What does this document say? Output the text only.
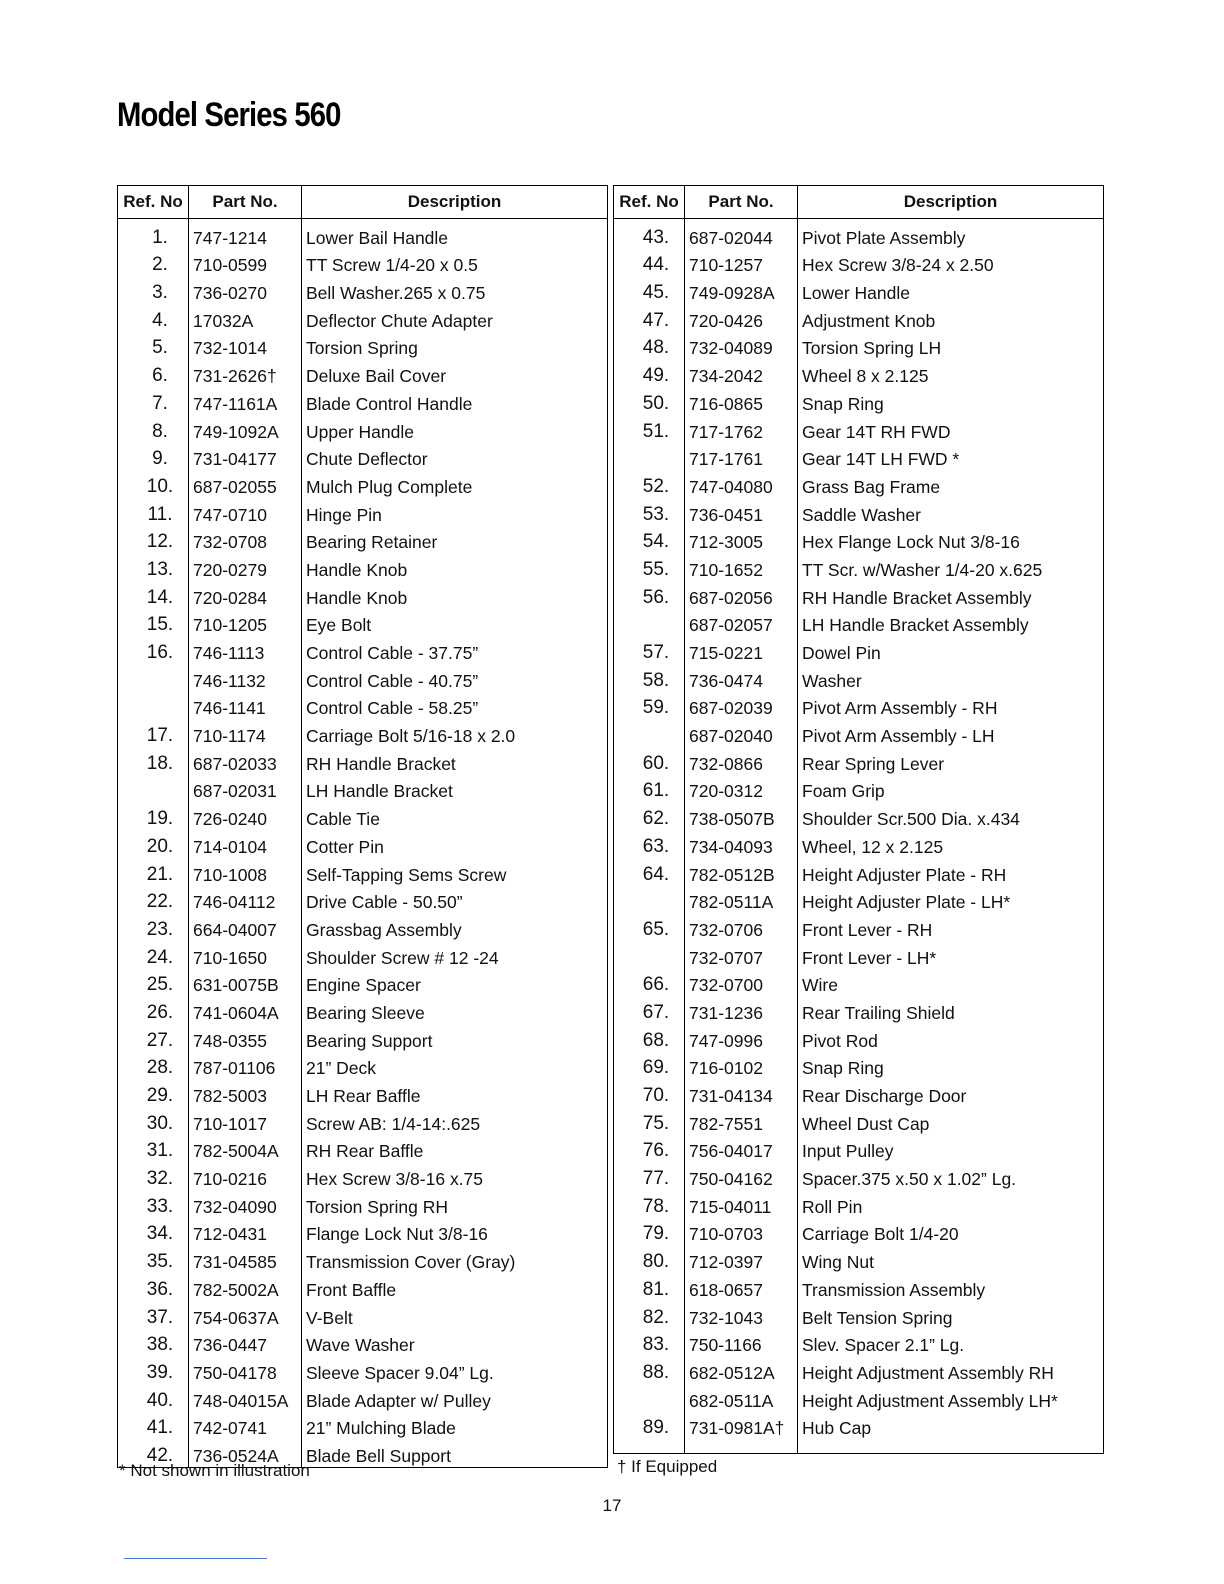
Model Series 560
Ref. No	Part No.	Description
1.	747-1214	Lower Bail Handle
2.	710-0599	TT Screw 1/4-20 x 0.5
3.	736-0270	Bell Washer.265 x 0.75
4.	17032A	Deflector Chute Adapter
5.	732-1014	Torsion Spring
6.	731-2626†	Deluxe Bail Cover
7.	747-1161A	Blade Control Handle
8.	749-1092A	Upper Handle
9.	731-04177	Chute Deflector
10.	687-02055	Mulch Plug Complete
11.	747-0710	Hinge Pin
12.	732-0708	Bearing Retainer
13.	720-0279	Handle Knob
14.	720-0284	Handle Knob
15.	710-1205	Eye Bolt
16.	746-1113	Control Cable - 37.75”
	746-1132	Control Cable - 40.75”
	746-1141	Control Cable - 58.25”
17.	710-1174	Carriage Bolt 5/16-18 x 2.0
18.	687-02033	RH Handle Bracket
	687-02031	LH Handle Bracket
19.	726-0240	Cable Tie
20.	714-0104	Cotter Pin
21.	710-1008	Self-Tapping Sems Screw
22.	746-04112	Drive Cable - 50.50”
23.	664-04007	Grassbag Assembly
24.	710-1650	Shoulder Screw # 12 -24
25.	631-0075B	Engine Spacer
26.	741-0604A	Bearing Sleeve
27.	748-0355	Bearing Support
28.	787-01106	21” Deck
29.	782-5003	LH Rear Baffle
30.	710-1017	Screw AB: 1/4-14:.625
31.	782-5004A	RH Rear Baffle
32.	710-0216	Hex Screw 3/8-16 x.75
33.	732-04090	Torsion Spring RH
34.	712-0431	Flange Lock Nut 3/8-16
35.	731-04585	Transmission Cover (Gray)
36.	782-5002A	Front Baffle
37.	754-0637A	V-Belt
38.	736-0447	Wave Washer
39.	750-04178	Sleeve Spacer 9.04” Lg.
40.	748-04015A	Blade Adapter w/ Pulley
41.	742-0741	21” Mulching Blade
42.	736-0524A	Blade Bell Support

Ref. No	Part No.	Description
43.	687-02044	Pivot Plate Assembly
44.	710-1257	Hex Screw 3/8-24 x 2.50
45.	749-0928A	Lower Handle
47.	720-0426	Adjustment Knob
48.	732-04089	Torsion Spring LH
49.	734-2042	Wheel 8 x 2.125
50.	716-0865	Snap Ring
51.	717-1762	Gear 14T RH FWD
	717-1761	Gear 14T LH FWD *
52.	747-04080	Grass Bag Frame
53.	736-0451	Saddle Washer
54.	712-3005	Hex Flange Lock Nut 3/8-16
55.	710-1652	TT Scr. w/Washer 1/4-20 x.625
56.	687-02056	RH Handle Bracket Assembly
	687-02057	LH Handle Bracket Assembly
57.	715-0221	Dowel Pin
58.	736-0474	Washer
59.	687-02039	Pivot Arm Assembly - RH
	687-02040	Pivot Arm Assembly - LH
60.	732-0866	Rear Spring Lever
61.	720-0312	Foam Grip
62.	738-0507B	Shoulder Scr.500 Dia. x.434
63.	734-04093	Wheel, 12 x 2.125
64.	782-0512B	Height Adjuster Plate - RH
	782-0511A	Height Adjuster Plate - LH*
65.	732-0706	Front Lever - RH
	732-0707	Front Lever - LH*
66.	732-0700	Wire
67.	731-1236	Rear Trailing Shield
68.	747-0996	Pivot Rod
69.	716-0102	Snap Ring
70.	731-04134	Rear Discharge Door
75.	782-7551	Wheel Dust Cap
76.	756-04017	Input Pulley
77.	750-04162	Spacer.375 x.50 x 1.02” Lg.
78.	715-04011	Roll Pin
79.	710-0703	Carriage Bolt 1/4-20
80.	712-0397	Wing Nut
81.	618-0657	Transmission Assembly
82.	732-1043	Belt Tension Spring
83.	750-1166	Slev. Spacer 2.1” Lg.
88.	682-0512A	Height Adjustment Assembly RH
	682-0511A	Height Adjustment Assembly LH*
89.	731-0981A†	Hub Cap

* Not shown in illustration	† If Equipped
17
